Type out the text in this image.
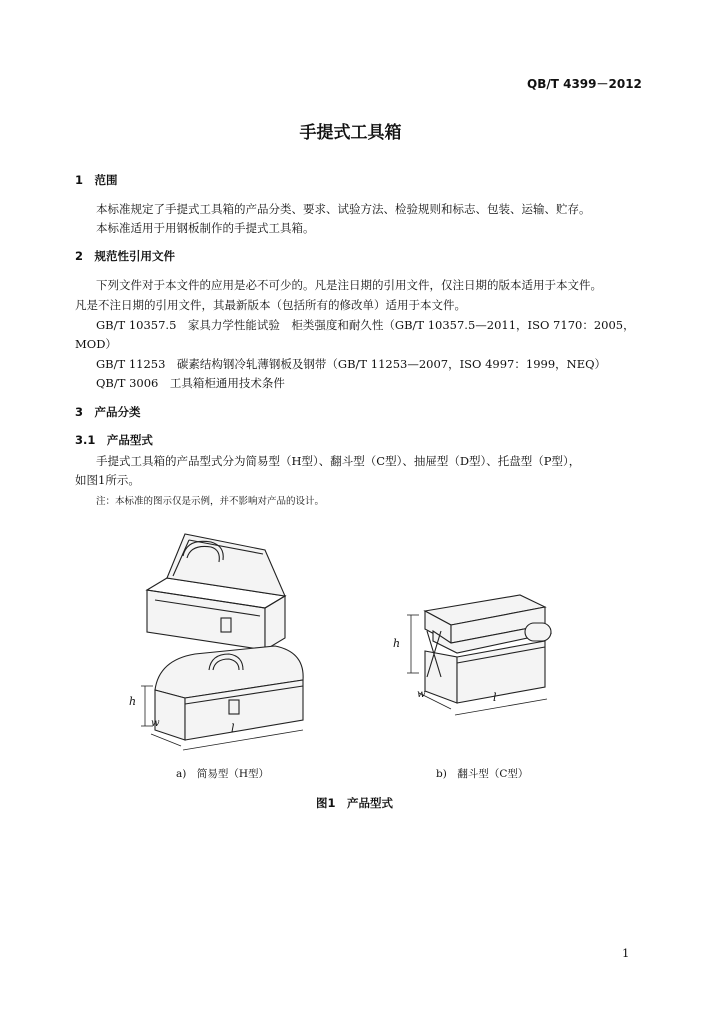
QB/T 4399－2012
手提式工具箱
1　范围
本标准规定了手提式工具箱的产品分类、要求、试验方法、检验规则和标志、包装、运输、贮存。
本标准适用于用钢板制作的手提式工具箱。
2　规范性引用文件
下列文件对于本文件的应用是必不可少的。凡是注日期的引用文件，仅注日期的版本适用于本文件。
凡是不注日期的引用文件，其最新版本（包括所有的修改单）适用于本文件。
GB/T 10357.5　家具力学性能试验　柜类强度和耐久性（GB/T 10357.5—2011，ISO 7170：2005，
MOD）
GB/T 11253　碳素结构钢冷轧薄钢板及钢带（GB/T 11253—2007，ISO 4997：1999，NEQ）
QB/T 3006　工具箱柜通用技术条件
3　产品分类
3.1　产品型式
手提式工具箱的产品型式分为简易型（H型）、翻斗型（C型）、抽屉型（D型）、托盘型（P型），
如图1所示。
注：本标准的图示仅是示例，并不影响对产品的设计。
h
w	l
h
w	l
a)　简易型（H型）	b)　翻斗型（C型）
图1　产品型式
1
